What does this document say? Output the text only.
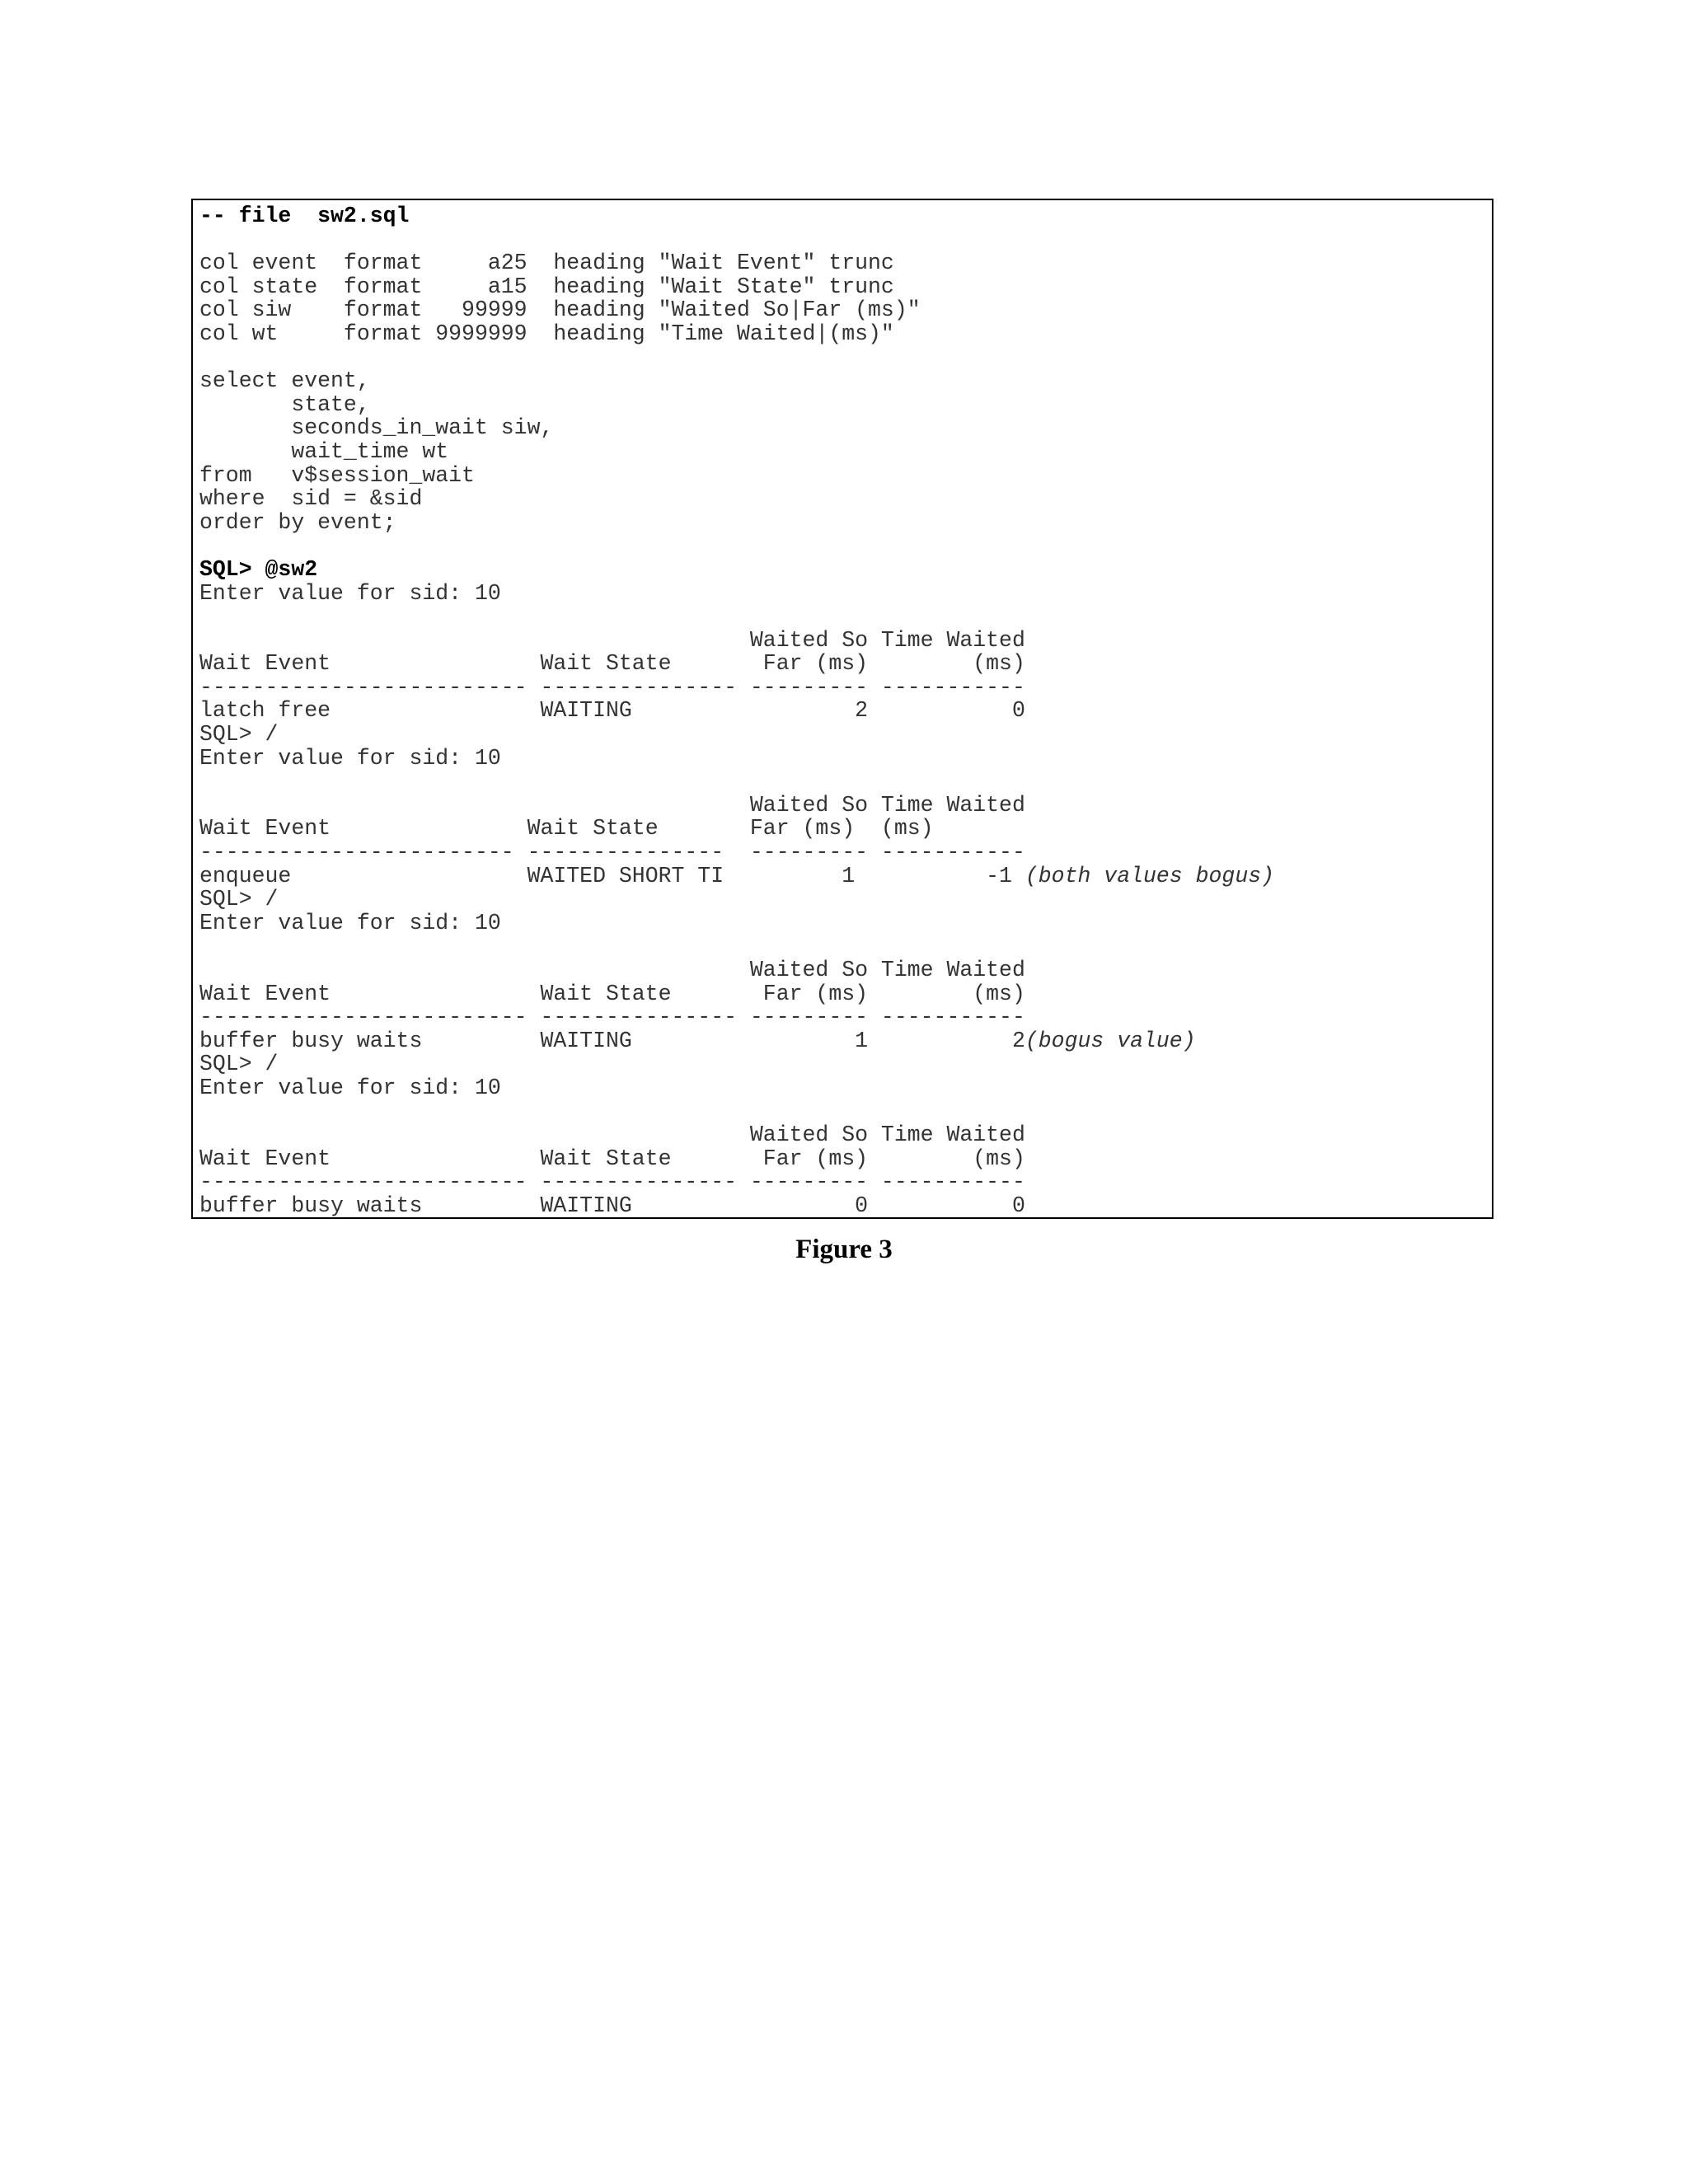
-- file  sw2.sql
col event  format     a25  heading "Wait Event" trunc
col state  format     a15  heading "Wait State" trunc
col siw    format   99999  heading "Waited So|Far (ms)"
col wt     format 9999999  heading "Time Waited|(ms)"
select event,
state,
seconds_in_wait siw,
wait_time wt
from   v$session_wait
where  sid = &sid
order by event;
SQL> @sw2
Enter value for sid: 10
Waited So Time Waited
Wait Event                Wait State       Far (ms)        (ms)
------------------------- --------------- --------- -----------
latch free                WAITING                 2           0
SQL> /
Enter value for sid: 10
Waited So Time Waited
Wait Event               Wait State       Far (ms)  (ms)
------------------------ ---------------  --------- -----------
enqueue                  WAITED SHORT TI         1          -1 (both values bogus)
SQL> /
Enter value for sid: 10
Waited So Time Waited
Wait Event                Wait State       Far (ms)        (ms)
------------------------- --------------- --------- -----------
buffer busy waits         WAITING                 1           2(bogus value)
SQL> /
Enter value for sid: 10
Waited So Time Waited
Wait Event                Wait State       Far (ms)        (ms)
------------------------- --------------- --------- -----------
buffer busy waits         WAITING                 0           0
Figure 3
